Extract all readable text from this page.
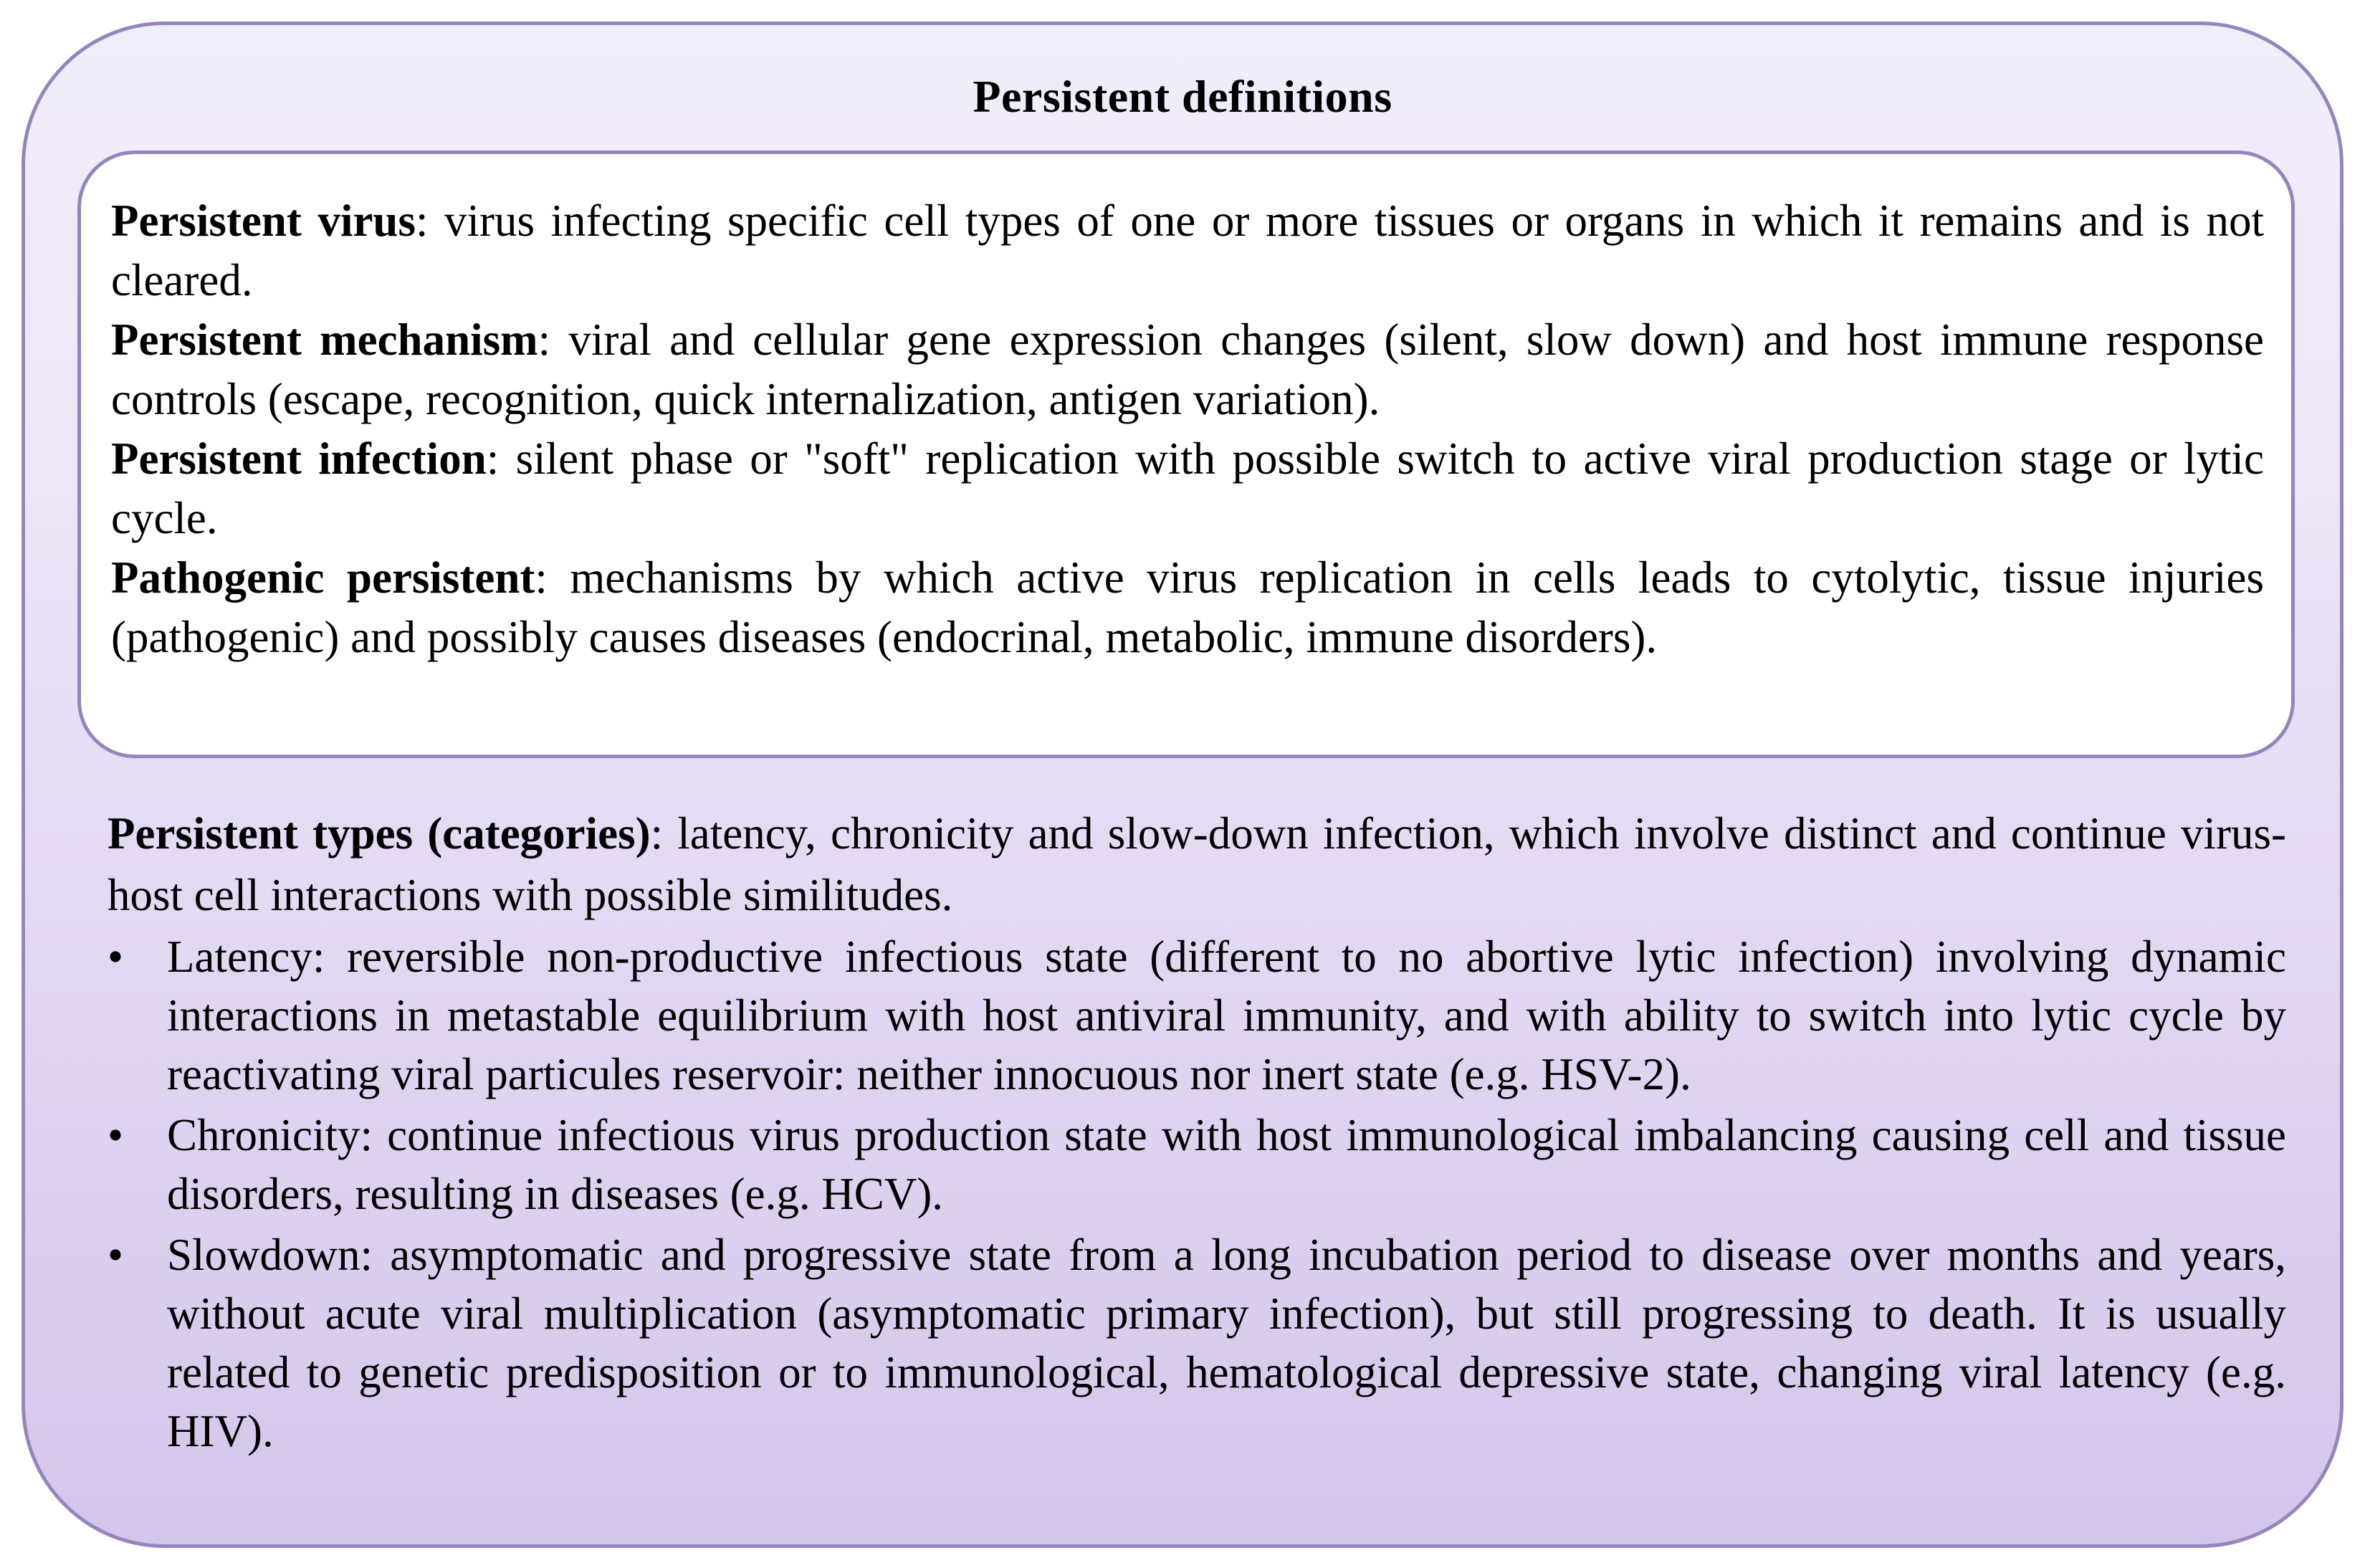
Persistent definitions

Persistent virus: virus infecting specific cell types of one or more tissues or organs in which it remains and is not cleared.

Persistent mechanism: viral and cellular gene expression changes (silent, slow down) and host immune response controls (escape, recognition, quick internalization, antigen variation).

Persistent infection: silent phase or "soft" replication with possible switch to active viral production stage or lytic cycle.

Pathogenic persistent: mechanisms by which active virus replication in cells leads to cytolytic, tissue injuries (pathogenic) and possibly causes diseases (endocrinal, metabolic, immune disorders).

Persistent types (categories): latency, chronicity and slow-down infection, which involve distinct and continue virus-host cell interactions with possible similitudes.

• Latency: reversible non-productive infectious state (different to no abortive lytic infection) involving dynamic interactions in metastable equilibrium with host antiviral immunity, and with ability to switch into lytic cycle by reactivating viral particules reservoir: neither innocuous nor inert state (e.g. HSV-2).
• Chronicity: continue infectious virus production state with host immunological imbalancing causing cell and tissue disorders, resulting in diseases (e.g. HCV).
• Slowdown: asymptomatic and progressive state from a long incubation period to disease over months and years, without acute viral multiplication (asymptomatic primary infection), but still progressing to death. It is usually related to genetic predisposition or to immunological, hematological depressive state, changing viral latency (e.g. HIV).
